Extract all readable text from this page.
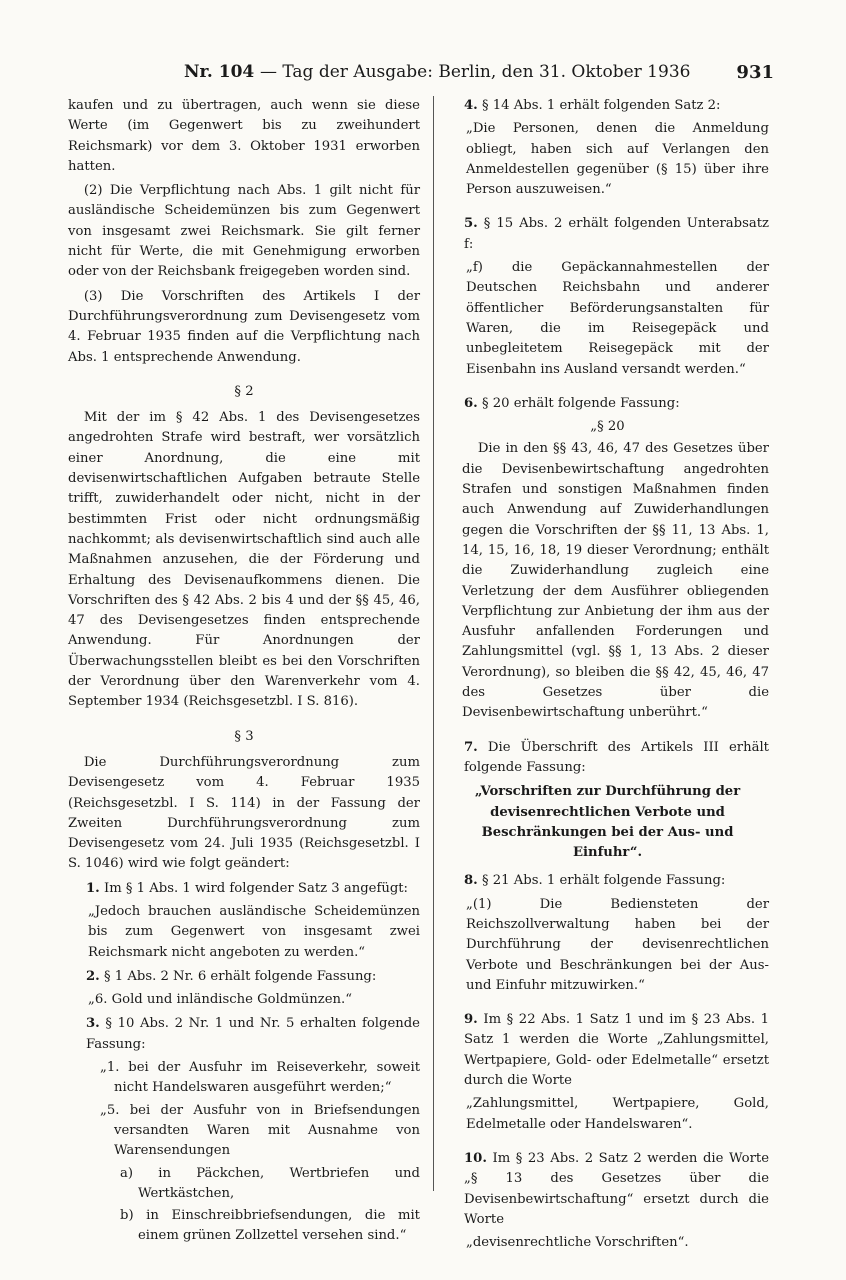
Nr. 104 — Tag der Ausgabe: Berlin, den 31. Oktober 1936	931

kaufen und zu übertragen, auch wenn sie diese Werte (im Gegenwert bis zu zweihundert Reichsmark) vor dem 3. Oktober 1931 erworben hatten.

(2) Die Verpflichtung nach Abs. 1 gilt nicht für ausländische Scheidemünzen bis zum Gegenwert von insgesamt zwei Reichsmark. Sie gilt ferner nicht für Werte, die mit Genehmigung erworben oder von der Reichsbank freigegeben worden sind.

(3) Die Vorschriften des Artikels I der Durchführungsverordnung zum Devisengesetz vom 4. Februar 1935 finden auf die Verpflichtung nach Abs. 1 entsprechende Anwendung.

§ 2

Mit der im § 42 Abs. 1 des Devisengesetzes angedrohten Strafe wird bestraft, wer vorsätzlich einer Anordnung, die eine mit devisenwirtschaftlichen Aufgaben betraute Stelle trifft, zuwiderhandelt oder nicht, nicht in der bestimmten Frist oder nicht ordnungsmäßig nachkommt; als devisenwirtschaftlich sind auch alle Maßnahmen anzusehen, die der Förderung und Erhaltung des Devisenaufkommens dienen. Die Vorschriften des § 42 Abs. 2 bis 4 und der §§ 45, 46, 47 des Devisengesetzes finden entsprechende Anwendung. Für Anordnungen der Überwachungsstellen bleibt es bei den Vorschriften der Verordnung über den Warenverkehr vom 4. September 1934 (Reichsgesetzbl. I S. 816).

§ 3

Die Durchführungsverordnung zum Devisengesetz vom 4. Februar 1935 (Reichsgesetzbl. I S. 114) in der Fassung der Zweiten Durchführungsverordnung zum Devisengesetz vom 24. Juli 1935 (Reichsgesetzbl. I S. 1046) wird wie folgt geändert:

1. Im § 1 Abs. 1 wird folgender Satz 3 angefügt:
„Jedoch brauchen ausländische Scheidemünzen bis zum Gegenwert von insgesamt zwei Reichsmark nicht angeboten zu werden.“
2. § 1 Abs. 2 Nr. 6 erhält folgende Fassung:
„6. Gold und inländische Goldmünzen.“
3. § 10 Abs. 2 Nr. 1 und Nr. 5 erhalten folgende Fassung:
„1. bei der Ausfuhr im Reiseverkehr, soweit nicht Handelswaren ausgeführt werden;“
„5. bei der Ausfuhr von in Briefsendungen versandten Waren mit Ausnahme von Warensendungen
a) in Päckchen, Wertbriefen und Wertkästchen,
b) in Einschreibbriefsendungen, die mit einem grünen Zollzettel versehen sind.“
4. § 14 Abs. 1 erhält folgenden Satz 2:
„Die Personen, denen die Anmeldung obliegt, haben sich auf Verlangen den Anmeldestellen gegenüber (§ 15) über ihre Person auszuweisen.“
5. § 15 Abs. 2 erhält folgenden Unterabsatz f:
„f) die Gepäckannahmestellen der Deutschen Reichsbahn und anderer öffentlicher Beförderungsanstalten für Waren, die im Reisegepäck und unbegleitetem Reisegepäck mit der Eisenbahn ins Ausland versandt werden.“
6. § 20 erhält folgende Fassung:
„§ 20

Die in den §§ 43, 46, 47 des Gesetzes über die Devisenbewirtschaftung angedrohten Strafen und sonstigen Maßnahmen finden auch Anwendung auf Zuwiderhandlungen gegen die Vorschriften der §§ 11, 13 Abs. 1, 14, 15, 16, 18, 19 dieser Verordnung; enthält die Zuwiderhandlung zugleich eine Verletzung der dem Ausführer obliegenden Verpflichtung zur Anbietung der ihm aus der Ausfuhr anfallenden Forderungen und Zahlungsmittel (vgl. §§ 1, 13 Abs. 2 dieser Verordnung), so bleiben die §§ 42, 45, 46, 47 des Gesetzes über die Devisenbewirtschaftung unberührt.“

7. Die Überschrift des Artikels III erhält folgende Fassung:
„Vorschriften zur Durchführung der devisenrechtlichen Verbote und Beschränkungen bei der Aus- und Einfuhr“.
8. § 21 Abs. 1 erhält folgende Fassung:
„(1) Die Bediensteten der Reichszollverwaltung haben bei der Durchführung der devisenrechtlichen Verbote und Beschränkungen bei der Aus- und Einfuhr mitzuwirken.“
9. Im § 22 Abs. 1 Satz 1 und im § 23 Abs. 1 Satz 1 werden die Worte „Zahlungsmittel, Wertpapiere, Gold- oder Edelmetalle“ ersetzt durch die Worte
„Zahlungsmittel, Wertpapiere, Gold, Edelmetalle oder Handelswaren“.
10. Im § 23 Abs. 2 Satz 2 werden die Worte „§ 13 des Gesetzes über die Devisenbewirtschaftung“ ersetzt durch die Worte
„devisenrechtliche Vorschriften“.
